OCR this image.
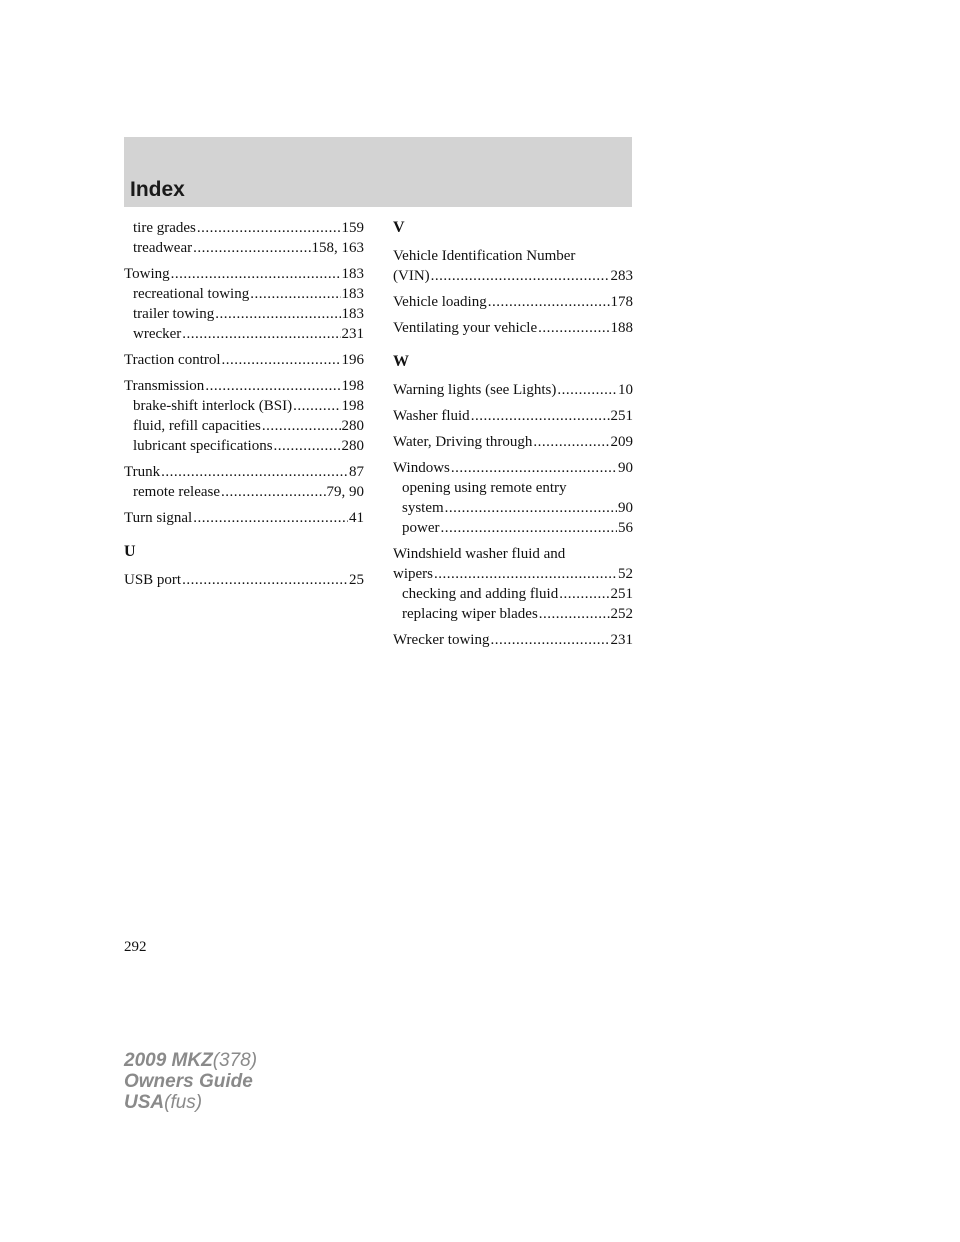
Index
tire grades .....	159
treadwear .....	158, 163
Towing .....	183
recreational towing .....	183
trailer towing .....	183
wrecker .....	231
Traction control .....	196
Transmission .....	198
brake-shift interlock (BSI) .....	198
fluid, refill capacities .....	280
lubricant specifications .....	280
Trunk .....	87
remote release .....	79, 90
Turn signal .....	41
U
USB port .....	25
V
Vehicle Identification Number
(VIN) .....	283
Vehicle loading .....	178
Ventilating your vehicle .....	188
W
Warning lights (see Lights) .....	10
Washer fluid .....	251
Water, Driving through .....	209
Windows .....	90
opening using remote entry
system .....	90
power .....	56
Windshield washer fluid and
wipers .....	52
checking and adding fluid .....	251
replacing wiper blades .....	252
Wrecker towing .....	231
292
2009 MKZ(378)
Owners Guide
USA(fus)
